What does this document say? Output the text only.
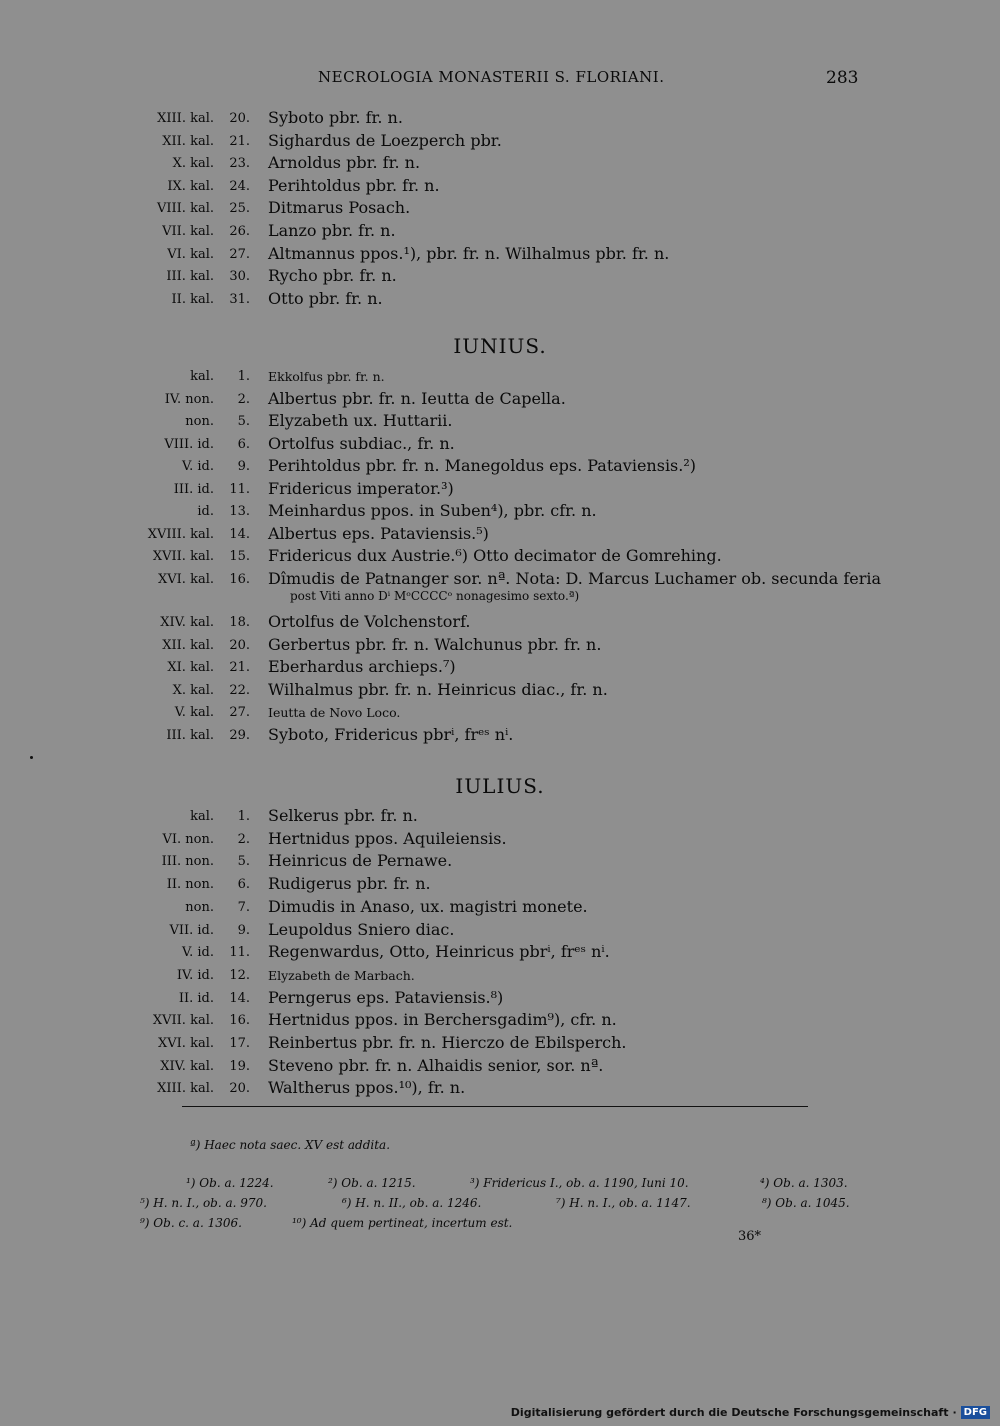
NECROLOGIA MONASTERII S. FLORIANI.	283
XIII. kal.	20. Syboto pbr. fr. n.
XII. kal.	21. Sighardus de Loezperch pbr.
X. kal.	23. Arnoldus pbr. fr. n.
IX. kal.	24. Perihtoldus pbr. fr. n.
VIII. kal.	25. Ditmarus Posach.
VII. kal.	26. Lanzo pbr. fr. n.
VI. kal.	27. Altmannus ppos.¹), pbr. fr. n. Wilhalmus pbr. fr. n.
III. kal.	30. Rycho pbr. fr. n.
II. kal.	31. Otto pbr. fr. n.
IUNIUS.
kal.	1. Ekkolfus pbr. fr. n.
IV. non.	2. Albertus pbr. fr. n. Ieutta de Capella.
non.	5. Elyzabeth ux. Huttarii.
VIII. id.	6. Ortolfus subdiac., fr. n.
V. id.	9. Perihtoldus pbr. fr. n. Manegoldus eps. Pataviensis.²)
III. id.	11. Fridericus imperator.³)
id.	13. Meinhardus ppos. in Suben⁴), pbr. cfr. n.
XVIII. kal.	14. Albertus eps. Pataviensis.⁵)
XVII. kal.	15. Fridericus dux Austrie.⁶) Otto decimator de Gomrehing.
XVI. kal.	16. Dîmudis de Patnanger sor. nª. Nota: D. Marcus Luchamer ob. secunda feria
post Viti anno Dⁱ MᵒCCCCᵒ nonagesimo sexto.ª)
XIV. kal.	18. Ortolfus de Volchenstorf.
XII. kal.	20. Gerbertus pbr. fr. n. Walchunus pbr. fr. n.
XI. kal.	21. Eberhardus archieps.⁷)
X. kal.	22. Wilhalmus pbr. fr. n. Heinricus diac., fr. n.
V. kal.	27. Ieutta de Novo Loco.
III. kal.	29. Syboto, Fridericus pbrⁱ, frᵉˢ nⁱ.
IULIUS.
kal.	1. Selkerus pbr. fr. n.
VI. non.	2. Hertnidus ppos. Aquileiensis.
III. non.	5. Heinricus de Pernawe.
II. non.	6. Rudigerus pbr. fr. n.
non.	7. Dimudis in Anaso, ux. magistri monete.
VII. id.	9. Leupoldus Sniero diac.
V. id.	11. Regenwardus, Otto, Heinricus pbrⁱ, frᵉˢ nⁱ.
IV. id.	12. Elyzabeth de Marbach.
II. id.	14. Perngerus eps. Pataviensis.⁸)
XVII. kal.	16. Hertnidus ppos. in Berchersgadim⁹), cfr. n.
XVI. kal.	17. Reinbertus pbr. fr. n. Hierczo de Ebilsperch.
XIV. kal.	19. Steveno pbr. fr. n. Alhaidis senior, sor. nª.
XIII. kal.	20. Waltherus ppos.¹⁰), fr. n.
ª) Haec nota saec. XV est addita.
¹) Ob. a. 1224.	²) Ob. a. 1215.	³) Fridericus I., ob. a. 1190, Iuni 10.	⁴) Ob. a. 1303.
⁵) H. n. I., ob. a. 970.	⁶) H. n. II., ob. a. 1246.	⁷) H. n. I., ob. a. 1147.	⁸) Ob. a. 1045.
⁹) Ob. c. a. 1306.	¹⁰) Ad quem pertineat, incertum est.
36*
Digitalisierung gefördert durch die Deutsche Forschungsgemeinschaft · DFG
